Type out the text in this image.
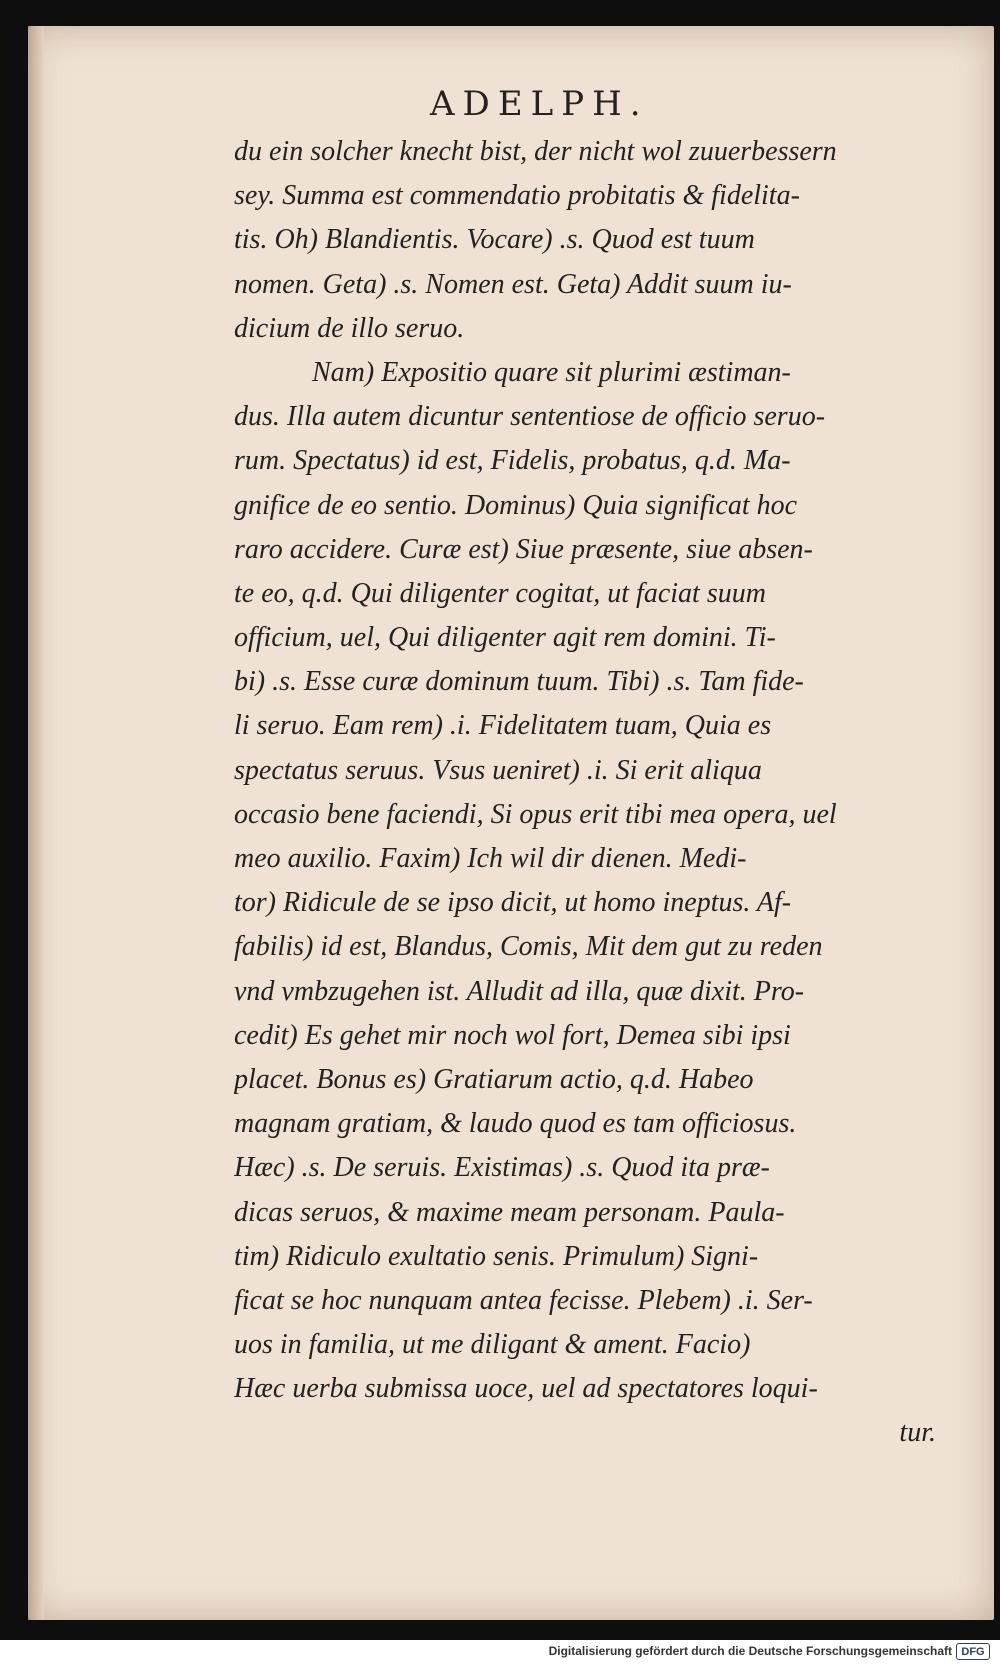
ADELPH.
du ein solcher knecht bist, der nicht wol zuuerbessern
sey. Summa est commendatio probitatis & fidelita-
tis. Oh) Blandientis. Vocare) .s. Quod est tuum
nomen. Geta) .s. Nomen est. Geta) Addit suum iu-
dicium de illo seruo.
Nam) Expositio quare sit plurimi æstiman-
dus. Illa autem dicuntur sententiose de officio seruo-
rum. Spectatus) id est, Fidelis, probatus, q.d. Ma-
gnifice de eo sentio. Dominus) Quia significat hoc
raro accidere. Curæ est) Siue præsente, siue absen-
te eo, q.d. Qui diligenter cogitat, ut faciat suum
officium, uel, Qui diligenter agit rem domini. Ti-
bi) .s. Esse curæ dominum tuum. Tibi) .s. Tam fide-
li seruo. Eam rem) .i. Fidelitatem tuam, Quia es
spectatus seruus. Vsus ueniret) .i. Si erit aliqua
occasio bene faciendi, Si opus erit tibi mea opera, uel
meo auxilio. Faxim) Ich wil dir dienen. Medi-
tor) Ridicule de se ipso dicit, ut homo ineptus. Af-
fabilis) id est, Blandus, Comis, Mit dem gut zu reden
vnd vmbzugehen ist. Alludit ad illa, quæ dixit. Pro-
cedit) Es gehet mir noch wol fort, Demea sibi ipsi
placet. Bonus es) Gratiarum actio, q.d. Habeo
magnam gratiam, & laudo quod es tam officiosus.
Hæc) .s. De seruis. Existimas) .s. Quod ita præ-
dicas seruos, & maxime meam personam. Paula-
tim) Ridiculo exultatio senis. Primulum) Signi-
ficat se hoc nunquam antea fecisse. Plebem) .i. Ser-
uos in familia, ut me diligant & ament. Facio)
Hæc uerba submissa uoce, uel ad spectatores loqui-
tur.
Digitalisierung gefördert durch die Deutsche Forschungsgemeinschaft DFG
